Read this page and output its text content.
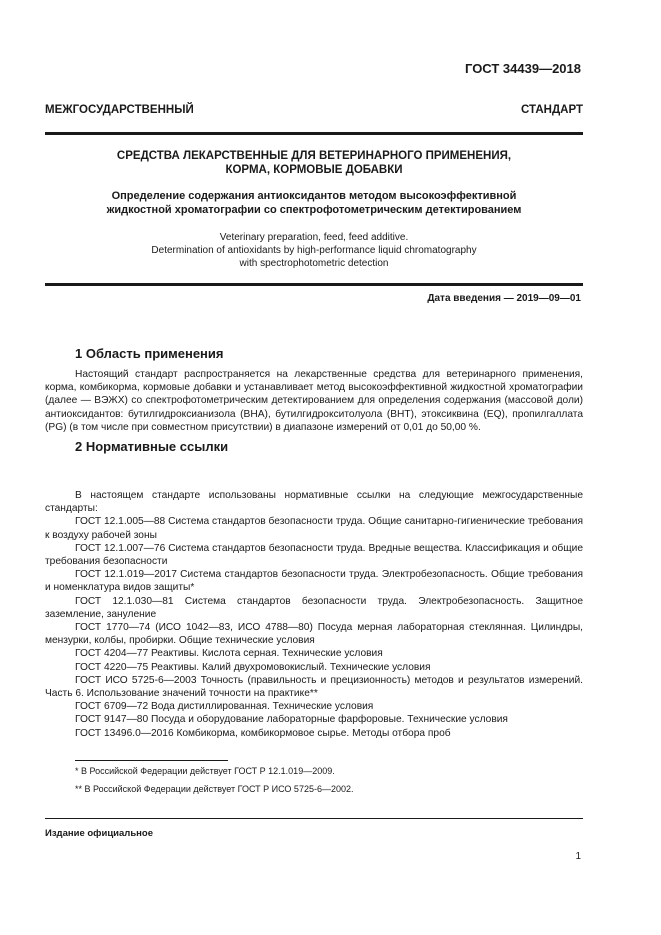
ГОСТ 34439—2018
МЕЖГОСУДАРСТВЕННЫЙ СТАНДАРТ
СРЕДСТВА ЛЕКАРСТВЕННЫЕ ДЛЯ ВЕТЕРИНАРНОГО ПРИМЕНЕНИЯ,
КОРМА, КОРМОВЫЕ ДОБАВКИ
Определение содержания антиоксидантов методом высокоэффективной
жидкостной хроматографии со спектрофотометрическим детектированием
Veterinary preparation, feed, feed additive.
Determination of antioxidants by high-performance liquid chromatography
with spectrophotometric detection
Дата введения — 2019—09—01
1 Область применения

Настоящий стандарт распространяется на лекарственные средства для ветеринарного применения, корма, комбикорма, кормовые добавки и устанавливает метод высокоэффективной жидкостной хроматографии (далее — ВЭЖХ) со спектрофотометрическим детектированием для определения содержания (массовой доли) антиоксидантов: бутилгидроксианизола (ВНА), бутилгидрокситолуола (ВНТ), этоксиквина (EQ), пропилгаллата (PG) (в том числе при совместном присутствии) в диапазоне измерений от 0,01 до 50,00 %.

2 Нормативные ссылки

В настоящем стандарте использованы нормативные ссылки на следующие межгосударственные стандарты:

ГОСТ 12.1.005—88 Система стандартов безопасности труда. Общие санитарно-гигиенические требования к воздуху рабочей зоны

ГОСТ 12.1.007—76 Система стандартов безопасности труда. Вредные вещества. Классификация и общие требования безопасности

ГОСТ 12.1.019—2017 Система стандартов безопасности труда. Электробезопасность. Общие требования и номенклатура видов защиты*

ГОСТ 12.1.030—81 Система стандартов безопасности труда. Электробезопасность. Защитное заземление, зануление

ГОСТ 1770—74 (ИСО 1042—83, ИСО 4788—80) Посуда мерная лабораторная стеклянная. Цилиндры, мензурки, колбы, пробирки. Общие технические условия

ГОСТ 4204—77 Реактивы. Кислота серная. Технические условия

ГОСТ 4220—75 Реактивы. Калий двухромовокислый. Технические условия

ГОСТ ИСО 5725-6—2003 Точность (правильность и прецизионность) методов и результатов измерений. Часть 6. Использование значений точности на практике**

ГОСТ 6709—72 Вода дистиллированная. Технические условия

ГОСТ 9147—80 Посуда и оборудование лабораторные фарфоровые. Технические условия

ГОСТ 13496.0—2016 Комбикорма, комбикормовое сырье. Методы отбора проб

* В Российской Федерации действует ГОСТ Р 12.1.019—2009.

** В Российской Федерации действует ГОСТ Р ИСО 5725-6—2002.

Издание официальное
1
